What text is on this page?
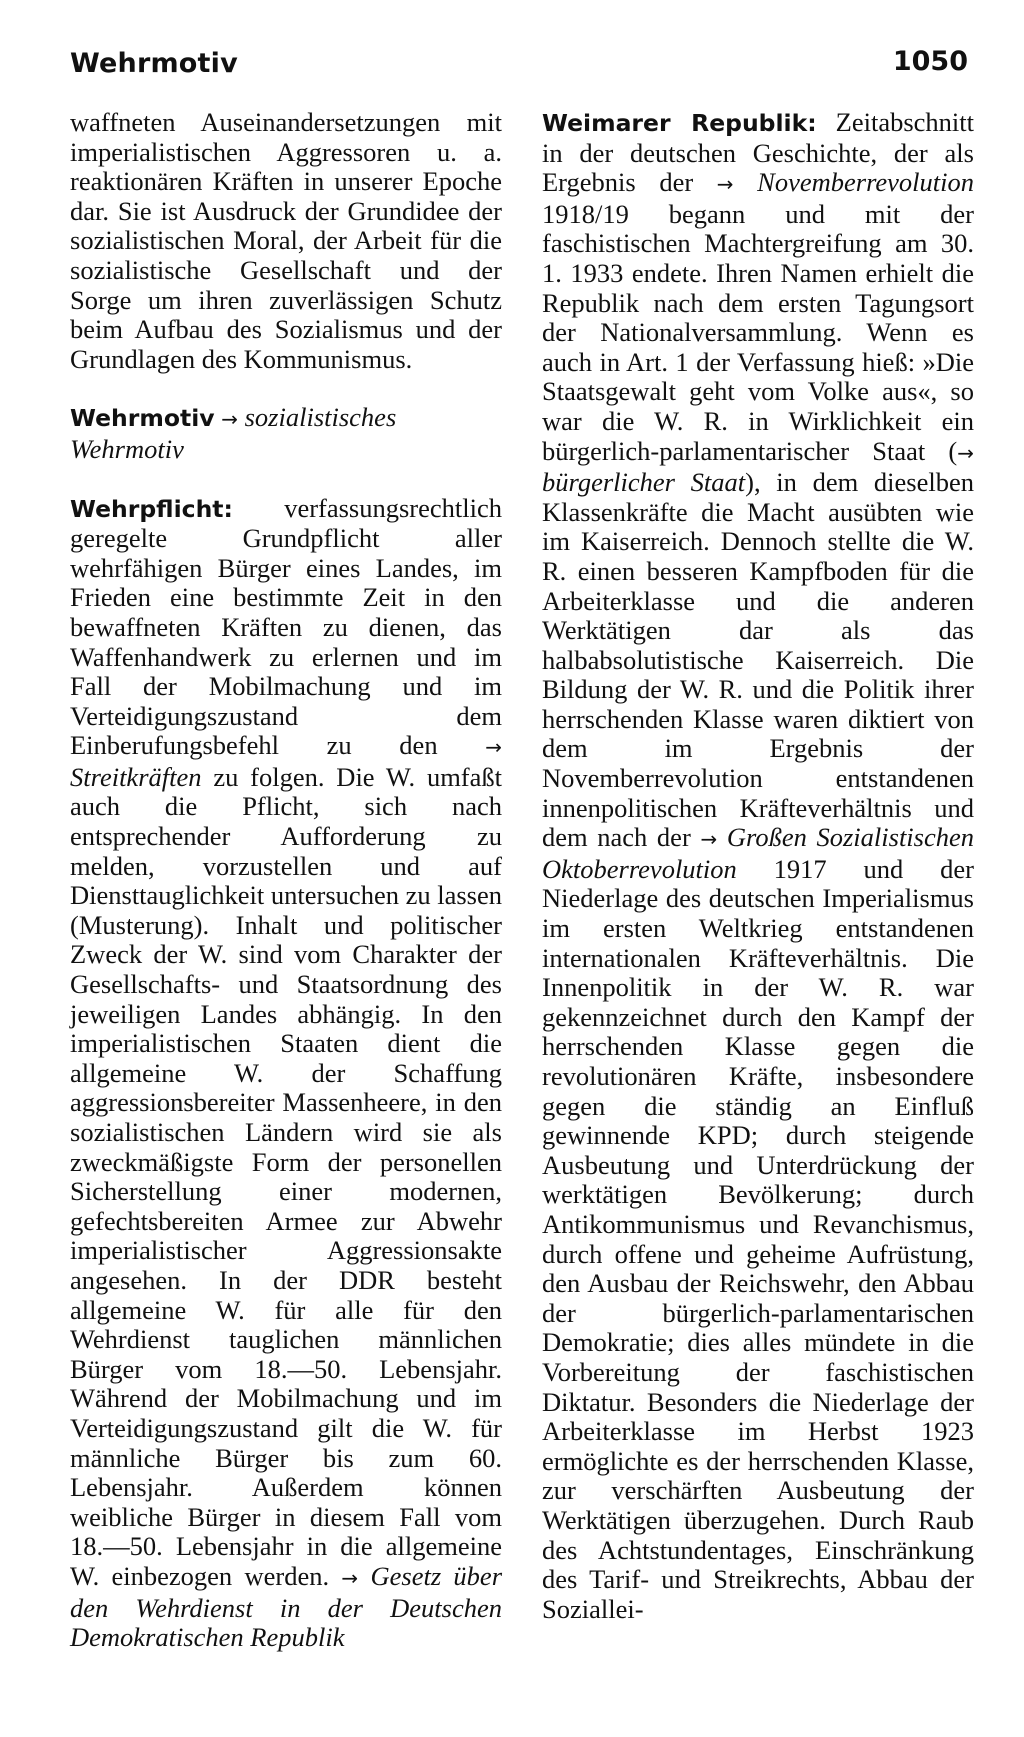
Wehrmotiv	1050

waffneten Auseinandersetzungen mit imperialistischen Aggressoren u. a. reaktionären Kräften in unserer Epoche dar. Sie ist Ausdruck der Grundidee der sozialistischen Moral, der Arbeit für die sozialistische Gesellschaft und der Sorge um ihren zuverlässigen Schutz beim Aufbau des Sozialismus und der Grundlagen des Kommunismus.

Wehrmotiv → sozialistisches Wehrmotiv

Wehrpflicht: verfassungsrechtlich geregelte Grundpflicht aller wehrfähigen Bürger eines Landes, im Frieden eine bestimmte Zeit in den bewaffneten Kräften zu dienen, das Waffenhandwerk zu erlernen und im Fall der Mobilmachung und im Verteidigungszustand dem Einberufungsbefehl zu den → Streitkräften zu folgen. Die W. umfaßt auch die Pflicht, sich nach entsprechender Aufforderung zu melden, vorzustellen und auf Diensttauglichkeit untersuchen zu lassen (Musterung). Inhalt und politischer Zweck der W. sind vom Charakter der Gesellschafts- und Staatsordnung des jeweiligen Landes abhängig. In den imperialistischen Staaten dient die allgemeine W. der Schaffung aggressionsbereiter Massenheere, in den sozialistischen Ländern wird sie als zweckmäßigste Form der personellen Sicherstellung einer modernen, gefechtsbereiten Armee zur Abwehr imperialistischer Aggressionsakte angesehen. In der DDR besteht allgemeine W. für alle für den Wehrdienst tauglichen männlichen Bürger vom 18.—50. Lebensjahr. Während der Mobilmachung und im Verteidigungszustand gilt die W. für männliche Bürger bis zum 60. Lebensjahr. Außerdem können weibliche Bürger in diesem Fall vom 18.—50. Lebensjahr in die allgemeine W. einbezogen werden. → Gesetz über den Wehrdienst in der Deutschen Demokratischen Republik

Weimarer Republik: Zeitabschnitt in der deutschen Geschichte, der als Ergebnis der → Novemberrevolution 1918/19 begann und mit der faschistischen Machtergreifung am 30. 1. 1933 endete. Ihren Namen erhielt die Republik nach dem ersten Tagungsort der Nationalversammlung. Wenn es auch in Art. 1 der Verfassung hieß: »Die Staatsgewalt geht vom Volke aus«, so war die W. R. in Wirklichkeit ein bürgerlich-parlamentarischer Staat (→ bürgerlicher Staat), in dem dieselben Klassenkräfte die Macht ausübten wie im Kaiserreich. Dennoch stellte die W. R. einen besseren Kampfboden für die Arbeiterklasse und die anderen Werktätigen dar als das halbabsolutistische Kaiserreich. Die Bildung der W. R. und die Politik ihrer herrschenden Klasse waren diktiert von dem im Ergebnis der Novemberrevolution entstandenen innenpolitischen Kräfteverhältnis und dem nach der → Großen Sozialistischen Oktoberrevolution 1917 und der Niederlage des deutschen Imperialismus im ersten Weltkrieg entstandenen internationalen Kräfteverhältnis. Die Innenpolitik in der W. R. war gekennzeichnet durch den Kampf der herrschenden Klasse gegen die revolutionären Kräfte, insbesondere gegen die ständig an Einfluß gewinnende KPD; durch steigende Ausbeutung und Unterdrückung der werktätigen Bevölkerung; durch Antikommunismus und Revanchismus, durch offene und geheime Aufrüstung, den Ausbau der Reichswehr, den Abbau der bürgerlich-parlamentarischen Demokratie; dies alles mündete in die Vorbereitung der faschistischen Diktatur. Besonders die Niederlage der Arbeiterklasse im Herbst 1923 ermöglichte es der herrschenden Klasse, zur verschärften Ausbeutung der Werktätigen überzugehen. Durch Raub des Achtstundentages, Einschränkung des Tarif- und Streikrechts, Abbau der Soziallei-
